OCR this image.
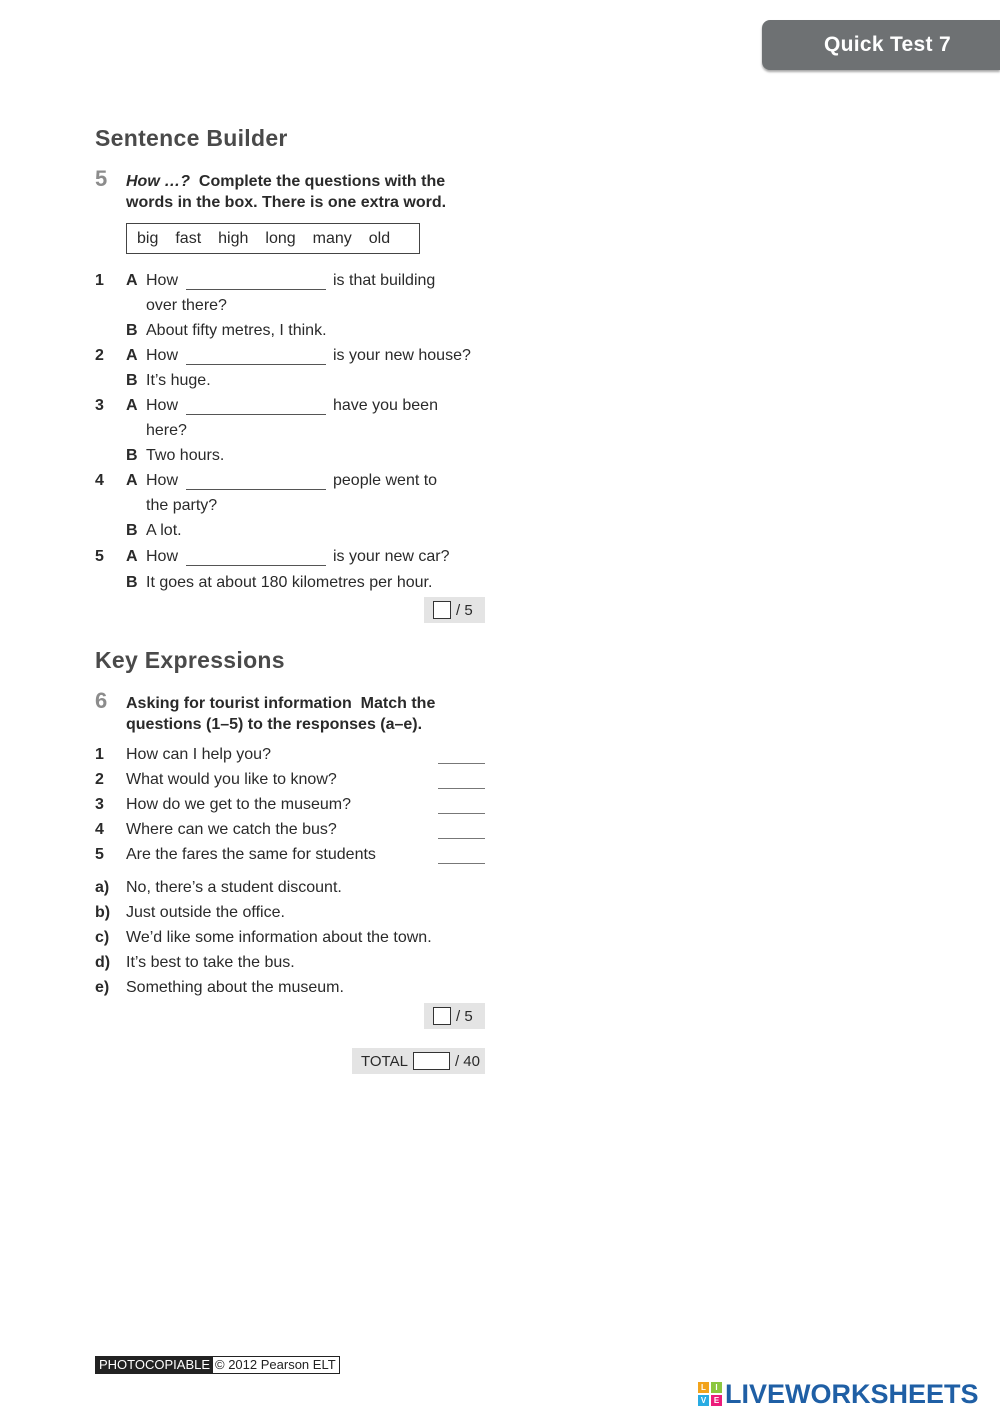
Quick Test 7
Sentence Builder
5 How …? Complete the questions with the
words in the box. There is one extra word.
big fast high long many old
1 A How	is that building
over there?
B About fifty metres, I think.
2 A How	is your new house?
B It’s huge.
3 A How	have you been
here?
B Two hours.
4 A How	people went to
the party?
B A lot.
5 A How	is your new car?
B It goes at about 180 kilometres per hour.
/ 5
Key Expressions
6 Asking for tourist information Match the
questions (1–5) to the responses (a–e).
1 How can I help you?
2 What would you like to know?
3 How do we get to the museum?
4 Where can we catch the bus?
5 Are the fares the same for students
a) No, there’s a student discount.
b) Just outside the office.
c) We’d like some information about the town.
d) It’s best to take the bus.
e) Something about the museum.
/ 5
TOTAL	/ 40
PHOTOCOPIABLE © 2012 Pearson ELT
L	I
V E LIVEWORKSHEETS
